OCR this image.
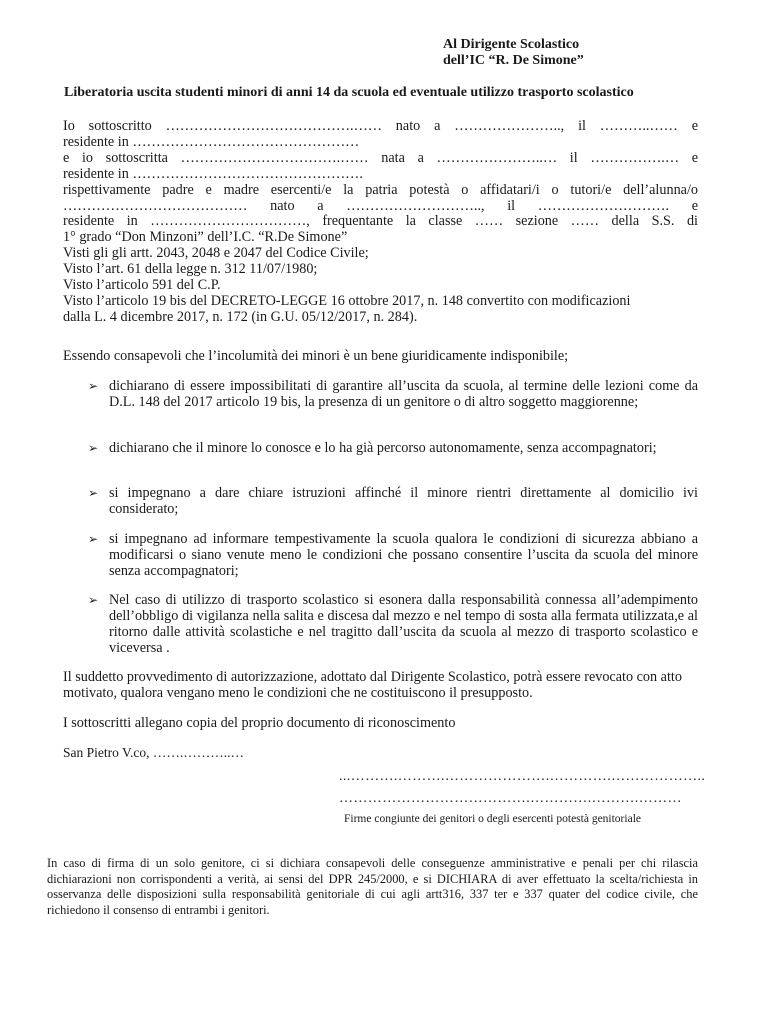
Al Dirigente Scolastico
dell’IC “R. De Simone”
Liberatoria uscita studenti minori di anni 14 da scuola ed eventuale utilizzo trasporto scolastico

Io sottoscritto ………………………………….…… nato a ………………….., il ………..…… e

residente in …………………………………………

e io sottoscritta …………………………….…… nata a …………………..… il …………….… e

residente in ………………………………………….

rispettivamente padre e madre esercenti/e la patria potestà o affidatari/i o tutori/e dell’alunna/o

………………………………… nato a ……………………….., il ………………………. e

residente in ……………………………, frequentante la classe …… sezione …… della S.S. di

1° grado “Don Minzoni” dell’I.C. “R.De Simone”

Visti gli gli artt. 2043, 2048 e 2047 del Codice Civile;

Visto l’art. 61 della legge n. 312 11/07/1980;

Visto l’articolo 591 del C.P.

Visto l’articolo 19 bis del DECRETO-LEGGE 16 ottobre 2017, n. 148 convertito con modificazioni

dalla L. 4 dicembre 2017, n. 172 (in G.U. 05/12/2017, n. 284).

Essendo consapevoli che l’incolumità dei minori è un bene giuridicamente indisponibile;

➢ dichiarano di essere impossibilitati di garantire all’uscita da scuola, al termine delle lezioni come da D.L. 148 del 2017 articolo 19 bis, la presenza di un genitore o di altro soggetto maggiorenne;
➢ dichiarano che il minore lo conosce e lo ha già percorso autonomamente, senza accompagnatori;
➢ si impegnano a dare chiare istruzioni affinché il minore rientri direttamente al domicilio ivi considerato;
➢ si impegnano ad informare tempestivamente la scuola qualora le condizioni di sicurezza abbiano a modificarsi o siano venute meno le condizioni che possano consentire l’uscita da scuola del minore senza accompagnatori;
➢ Nel caso di utilizzo di trasporto scolastico si esonera dalla responsabilità connessa all’adempimento dell’obbligo di vigilanza nella salita e discesa dal mezzo e nel tempo di sosta alla fermata utilizzata,e al ritorno dalle attività scolastiche e nel tragitto dall’uscita da scuola al mezzo di trasporto scolastico e viceversa .

Il suddetto provvedimento di autorizzazione, adottato dal Dirigente Scolastico, potrà essere revocato con atto motivato, qualora vengano meno le condizioni che ne costituiscono il presupposto.

I sottoscritti allegano copia del proprio documento di riconoscimento

San Pietro V.co, …….………..…

...……….……….………………….………….………………..
………………………………….………….……….………
Firme congiunte dei genitori o degli esercenti potestà genitoriale
In caso di firma di un solo genitore, ci si dichiara consapevoli delle conseguenze amministrative e penali per chi rilascia dichiarazioni non corrispondenti a verità, ai sensi del DPR 245/2000, e si DICHIARA di aver effettuato la scelta/richiesta in osservanza delle disposizioni sulla responsabilità genitoriale di cui agli artt316, 337 ter e 337 quater del codice civile, che richiedono il consenso di entrambi i genitori.
